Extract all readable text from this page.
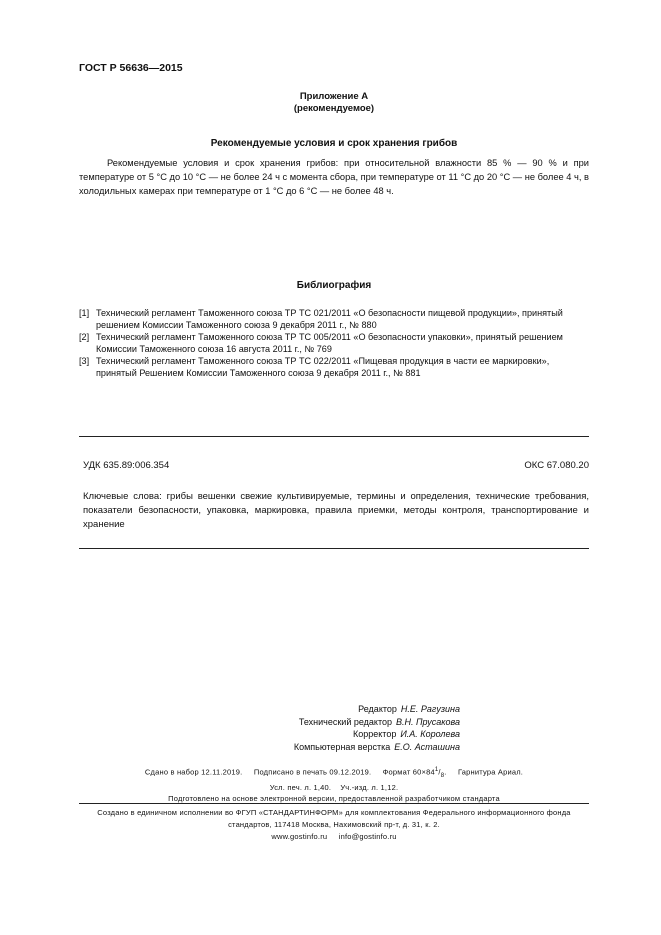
ГОСТ Р 56636—2015
Приложение А
(рекомендуемое)
Рекомендуемые условия и срок хранения грибов
Рекомендуемые условия и срок хранения грибов: при относительной влажности 85 % — 90 % и при температуре от 5 °С до 10 °С — не более 24 ч с момента сбора, при температуре от 11 °С до 20 °С — не более 4 ч, в холодильных камерах при температуре от 1 °С до 6 °С — не более 48 ч.
Библиография
[1] Технический регламент Таможенного союза ТР ТС 021/2011 «О безопасности пищевой продукции», принятый решением Комиссии Таможенного союза 9 декабря 2011 г., № 880
[2] Технический регламент Таможенного союза ТР ТС 005/2011 «О безопасности упаковки», принятый решением Комиссии Таможенного союза 16 августа 2011 г., № 769
[3] Технический регламент Таможенного союза ТР ТС 022/2011 «Пищевая продукция в части ее маркировки», принятый Решением Комиссии Таможенного союза 9 декабря 2011 г., № 881
УДК 635.89:006.354	ОКС 67.080.20
Ключевые слова: грибы вешенки свежие культивируемые, термины и определения, технические требования, показатели безопасности, упаковка, маркировка, правила приемки, методы контроля, транспортирование и хранение
Редактор Н.Е. Рагузина
Технический редактор В.Н. Прусакова
Корректор И.А. Королева
Компьютерная верстка Е.О. Асташина
Сдано в набор 12.11.2019. Подписано в печать 09.12.2019. Формат $60\times 84^1/_8$.     Гарнитура Ариал.
Усл. печ. л. 1,40.    Уч.-изд. л. 1,12.
Подготовлено на основе электронной версии, предоставленной разработчиком стандарта
Создано в единичном исполнении во ФГУП «СТАНДАРТИНФОРМ» для комплектования Федерального информационного фонда
стандартов, 117418 Москва, Нахимовский пр-т, д. 31, к. 2.
www.gostinfo.ru info@gostinfo.ru
